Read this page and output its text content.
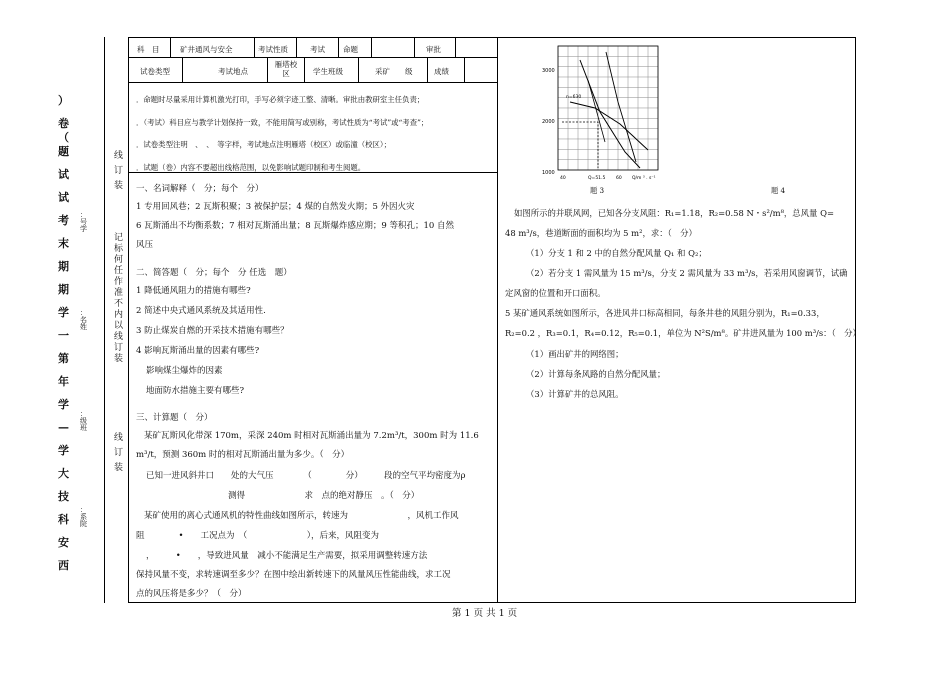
）
卷
（
题
试
试
考
末
期
期
学
一
第
年
学
—
学
大
技
科
安
西
：
号
学
：
名
姓
：
级
班
：
系
院
线
订
装
记
标
何
任
作
准
不
内
以
线
订
装
线
订
装
科　目	矿井通风与安全	考试性质	考试 命题	审批
试卷类型	考试地点
雁塔校区	学生班级	采矿　　级	成绩
．命题时尽量采用计算机激光打印，手写必须字迹工整、清晰。审批由教研室主任负责；
．（考试）科目应与教学计划保持一致，不能用简写或别称，考试性质为“考试”或“考查”；
．试卷类型注明　、　、　等字样，考试地点注明雁塔（校区）或临潼（校区）；
．试题（卷）内容不要超出线格范围，以免影响试题印制和考生阅题。
一、名词解释（　分；每个　分）
1 专用回风巷；2 瓦斯积聚；3 被保护层；4 煤的自然发火期；5 外因火灾
6 瓦斯涌出不均衡系数；7 相对瓦斯涌出量；8 瓦斯爆炸感应期；9 等积孔；10 自然
风压
二、简答题（　分；每个　分 任选　题）
1 降低通风阻力的措施有哪些?
2 简述中央式通风系统及其适用性.
3 防止煤炭自燃的开采技术措施有哪些？
4 影响瓦斯涌出量的因素有哪些?
影响煤尘爆炸的因素
地面防水措施主要有哪些?
三、计算题（　分）
某矿瓦斯风化带深 170m，采深 240m 时相对瓦斯涌出量为 7.2m³/t，300m 时为 11.6
m³/t，预测 360m 时的相对瓦斯涌出量为多少。（　分）
已知一进风斜井口　　处的大气压　　　　（　　　　分）　　　段的空气平均密度为ρ
测得　　　　　　　求　点的绝对静压　。（　分）
某矿使用的离心式通风机的特性曲线如图所示，转速为　　　　　　　，风机工作风
阻　　　　•　　工况点为　（　　　　　　　），后来，风阻变为
，　　　•　　，导致进风量　减小不能满足生产需要，拟采用调整转速方法
保持风量不变，求转速调至多少？在图中绘出新转速下的风量风压性能曲线，求工况
点的风压将是多少？（　分）
3000
2000
1000
40	Q=51.5 60 Q/m ³ . s⁻¹
n=630
题 3	题 4
如图所示的并联风网，已知各分支风阻：R₁=1.18，R₂=0.58 N・s²/m⁸，总风量 Q=
48 m³/s，巷道断面的面积均为 5 m²，求：（　分）
（1）分支 1 和 2 中的自然分配风量 Q₁ 和 Q₂；
（2）若分支 1 需风量为 15 m³/s，分支 2 需风量为 33 m³/s，若采用风窗调节，试确
定风窗的位置和开口面积。
5 某矿通风系统如图所示，各进风井口标高相同，每条井巷的风阻分别为，R₁=0.33，
R₂=0.2 ，R₃=0.1，R₄=0.12，R₅=0.1，单位为 N²S/m⁸。矿井进风量为 100 m³/s：（　分）
（1）画出矿井的网络图；
（2）计算每条风路的自然分配风量；
（3）计算矿井的总风阻。
第 1 页 共 1 页
